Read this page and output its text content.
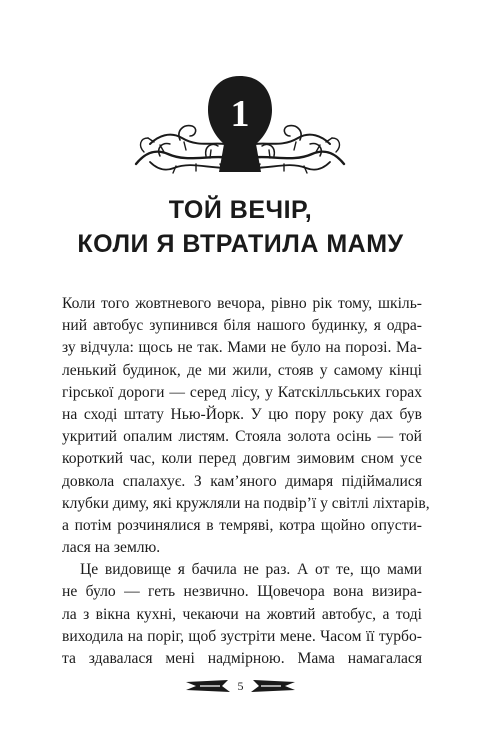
1
ТОЙ ВЕЧІР,
КОЛИ Я ВТРАТИЛА МАМУ
Коли того жовтневого вечора, рівно рік тому, шкіль-
ний автобус зупинився біля нашого будинку, я одра-
зу відчула: щось не так. Мами не було на порозі. Ма-
ленький будинок, де ми жили, стояв у самому кінці
гірської дороги — серед лісу, у Катскілльських горах
на сході штату Нью-Йорк. У цю пору року дах був
укритий опалим листям. Стояла золота осінь — той
короткий час, коли перед довгим зимовим сном усе
довкола спалахує. З кам’яного димаря підіймалися
клубки диму, які кружляли на подвір’ї у світлі ліхтарів,
а потім розчинялися в темряві, котра щойно опусти-
лася на землю.
Це видовище я бачила не раз. А от те, що мами
не було — геть незвично. Щовечора вона визира-
ла з вікна кухні, чекаючи на жовтий автобус, а тоді
виходила на поріг, щоб зустріти мене. Часом її турбо-
та здавалася мені надмірною. Мама намагалася
5
